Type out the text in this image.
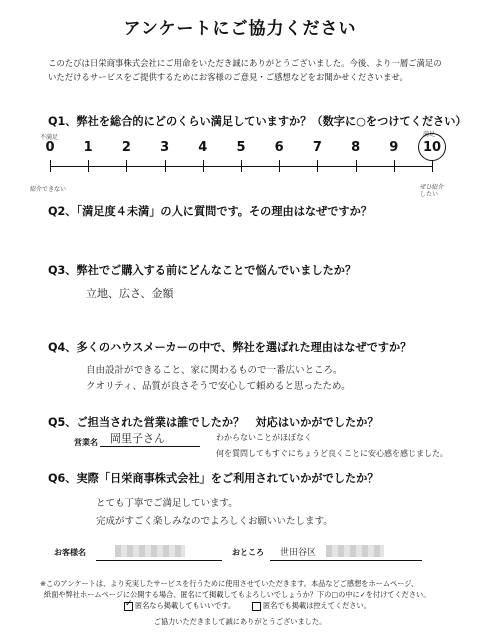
アンケートにご協力ください
このたびは日栄商事株式会社にご用命をいただき誠にありがとうございました。今後、より一層ご満足のいただけるサービスをご提供するためにお客様のご意見・ご感想などをお聞かせくださいませ。
Q1、弊社を総合的にどのくらい満足していますか？（数字に○をつけてください）
不満足	満足
0 1 2 3 4 5 6 7 8 9 10
紹介できない	ぜひ紹介したい
Q2、「満足度４未満」の人に質問です。その理由はなぜですか？
Q3、弊社でご購入する前にどんなことで悩んでいましたか？
立地、広さ、金額
Q4、多くのハウスメーカーの中で、弊社を選ばれた理由はなぜですか？
自由設計ができること、家に関わるもので一番広いところ。
クオリティ、品質が良さそうで安心して頼めると思ったため。
Q5、ご担当された営業は誰でしたか？　対応はいかがでしたか？
営業名 岡里子さん	わからないことがほぼなく
何を質問してもすぐにちょうど良くことに安心感を感じました。
Q6、実際「日栄商事株式会社」をご利用されていかがでしたか？
とても丁寧でご満足しています。
完成がすごく楽しみなのでよろしくお願いいたします。
お客様名	おところ 世田谷区
※このアンケートは、より充実したサービスを行うために使用させていただきます。本品などご感想をホームページ、
紙面や弊社ホームページに公開する場合、匿名にて掲載してもよろしいでしょうか？下の□の中に✓を付けてください。
✓ 匿名なら掲載してもいいです。	匿名でも掲載は控えてください。
ご協力いただきまして誠にありがとうございました。
